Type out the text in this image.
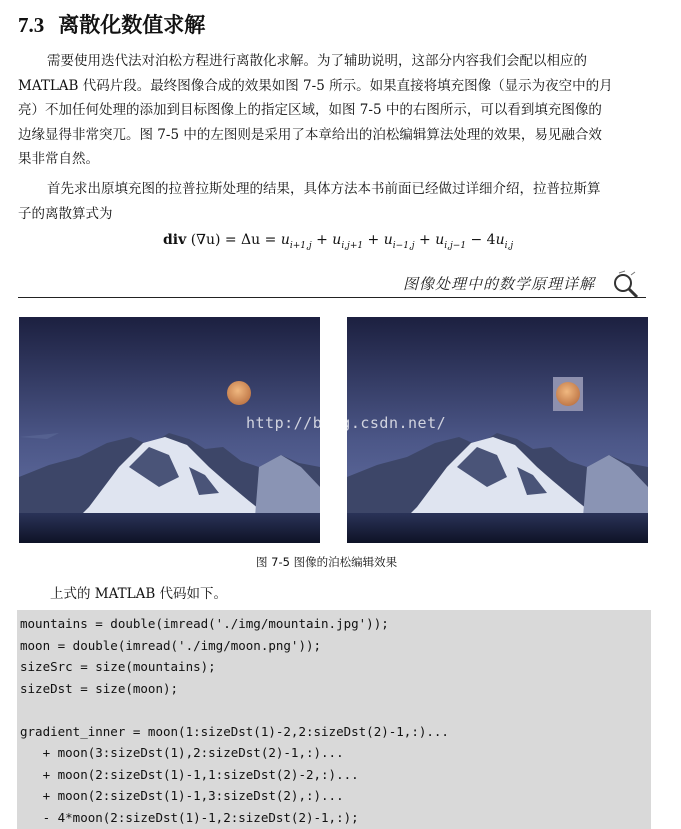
7.3 离散化数值求解
需要使用迭代法对泊松方程进行离散化求解。为了辅助说明，这部分内容我们会配以相应的
MATLAB 代码片段。最终图像合成的效果如图 7-5 所示。如果直接将填充图像（显示为夜空中的月
亮）不加任何处理的添加到目标图像上的指定区域，如图 7-5 中的右图所示，可以看到填充图像的
边缘显得非常突兀。图 7-5 中的左图则是采用了本章给出的泊松编辑算法处理的效果，易见融合效
果非常自然。
首先求出原填充图的拉普拉斯处理的结果，具体方法本书前面已经做过详细介绍，拉普拉斯算
子的离散算式为
div $(\nabla u) = \Delta u = u_{i+1,j} + u_{i,j+1} + u_{i-1,j} + u_{i,j-1} - 4u_{i,j}$
图像处理中的数学原理详解
http://blog.csdn.net/
图 7-5 图像的泊松编辑效果
上式的 MATLAB 代码如下。
mountains = double(imread('./img/mountain.jpg'));
moon = double(imread('./img/moon.png'));
sizeSrc = size(mountains);
sizeDst = size(moon);

gradient_inner = moon(1:sizeDst(1)-2,2:sizeDst(2)-1,:)...
+ moon(3:sizeDst(1),2:sizeDst(2)-1,:)...
+ moon(2:sizeDst(1)-1,1:sizeDst(2)-2,:)...
+ moon(2:sizeDst(1)-1,3:sizeDst(2),:)...
- 4*moon(2:sizeDst(1)-1,2:sizeDst(2)-1,:);
